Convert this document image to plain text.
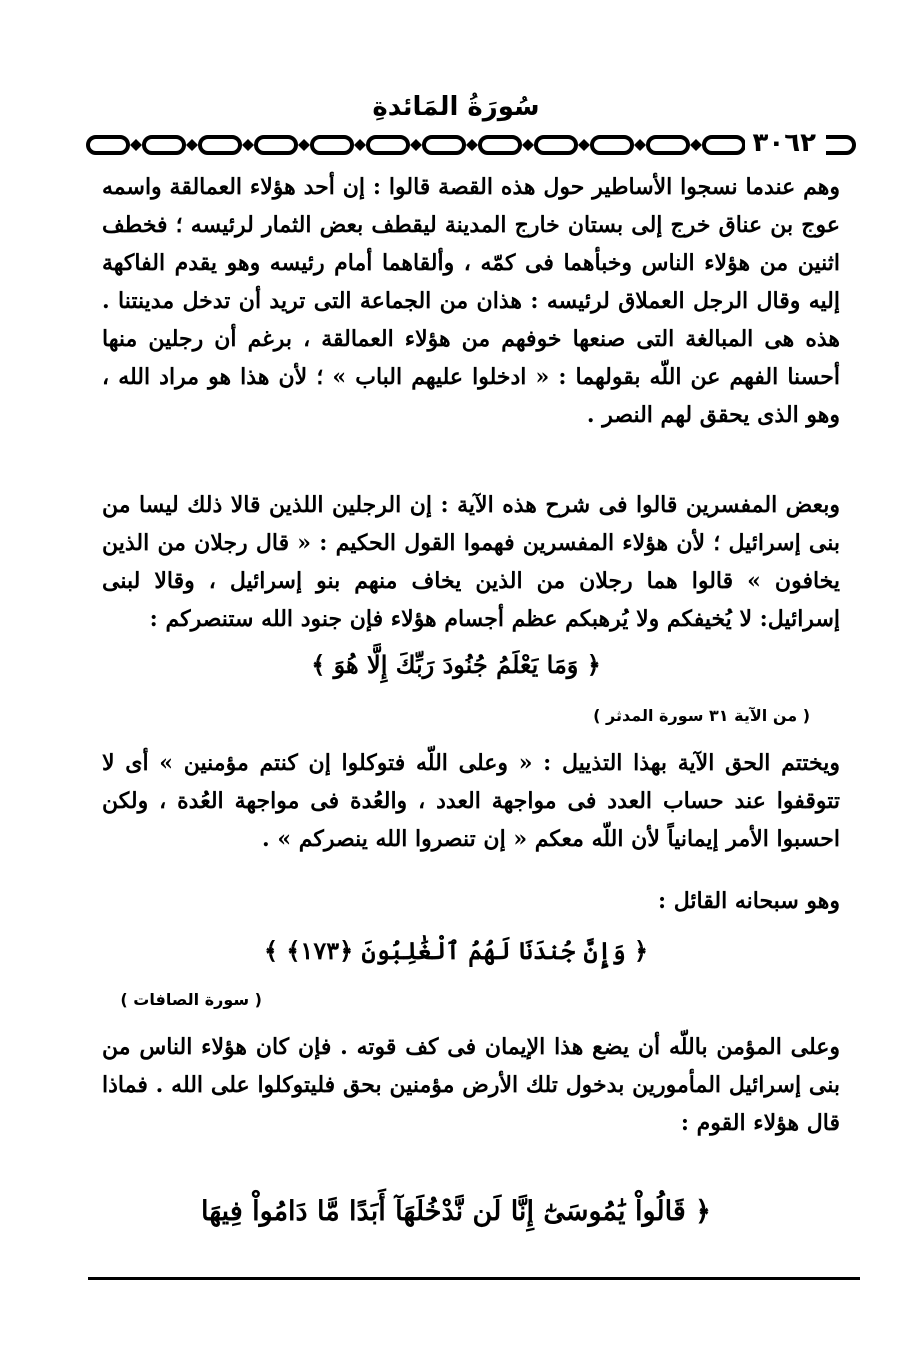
سُورَةُ المَائدةِ
٣٠٦٢
وهم عندما نسجوا الأساطير حول هذه القصة قالوا : إن أحد هؤلاء العمالقة واسمه عوج بن عناق خرج إلى بستان خارج المدينة ليقطف بعض الثمار لرئيسه ؛ فخطف اثنين من هؤلاء الناس وخبأهما فى كمّه ، وألقاهما أمام رئيسه وهو يقدم الفاكهة إليه وقال الرجل العملاق لرئيسه : هذان من الجماعة التى تريد أن تدخل مدينتنا . هذه هى المبالغة التى صنعها خوفهم من هؤلاء العمالقة ، برغم أن رجلين منها أحسنا الفهم عن اللّه بقولهما : « ادخلوا عليهم الباب » ؛ لأن هذا هو مراد الله ، وهو الذى يحقق لهم النصر .
وبعض المفسرين قالوا فى شرح هذه الآية : إن الرجلين اللذين قالا ذلك ليسا من بنى إسرائيل ؛ لأن هؤلاء المفسرين فهموا القول الحكيم : « قال رجلان من الذين يخافون » قالوا هما رجلان من الذين يخاف منهم بنو إسرائيل ، وقالا لبنى إسرائيل: لا يُخيفكم ولا يُرهبكم عظم أجسام هؤلاء فإن جنود الله ستنصركم :
﴿ وَمَا يَعْلَمُ جُنُودَ رَبِّكَ إِلَّا هُوَ ﴾
( من الآية ٣١ سورة المدثر )
ويختتم الحق الآية بهذا التذييل : « وعلى اللّه فتوكلوا إن كنتم مؤمنين » أى لا تتوقفوا عند حساب العدد فى مواجهة العدد ، والعُدة فى مواجهة العُدة ، ولكن احسبوا الأمر إيمانياً لأن اللّه معكم « إن تنصروا الله ينصركم » .
وهو سبحانه القائل :
﴿ وَإِنَّ جُندَنَا لَهُمُ ٱلْغَٰلِبُونَ ﴿١٧٣﴾ ﴾
( سورة الصافات )
وعلى المؤمن باللّه أن يضع هذا الإيمان فى كف قوته . فإن كان هؤلاء الناس من بنى إسرائيل المأمورين بدخول تلك الأرض مؤمنين بحق فليتوكلوا على الله . فماذا قال هؤلاء القوم :
﴿ قَالُواْ يَٰمُوسَىٰٓ إِنَّا لَن نَّدْخُلَهَآ أَبَدًا مَّا دَامُواْ فِيهَا
